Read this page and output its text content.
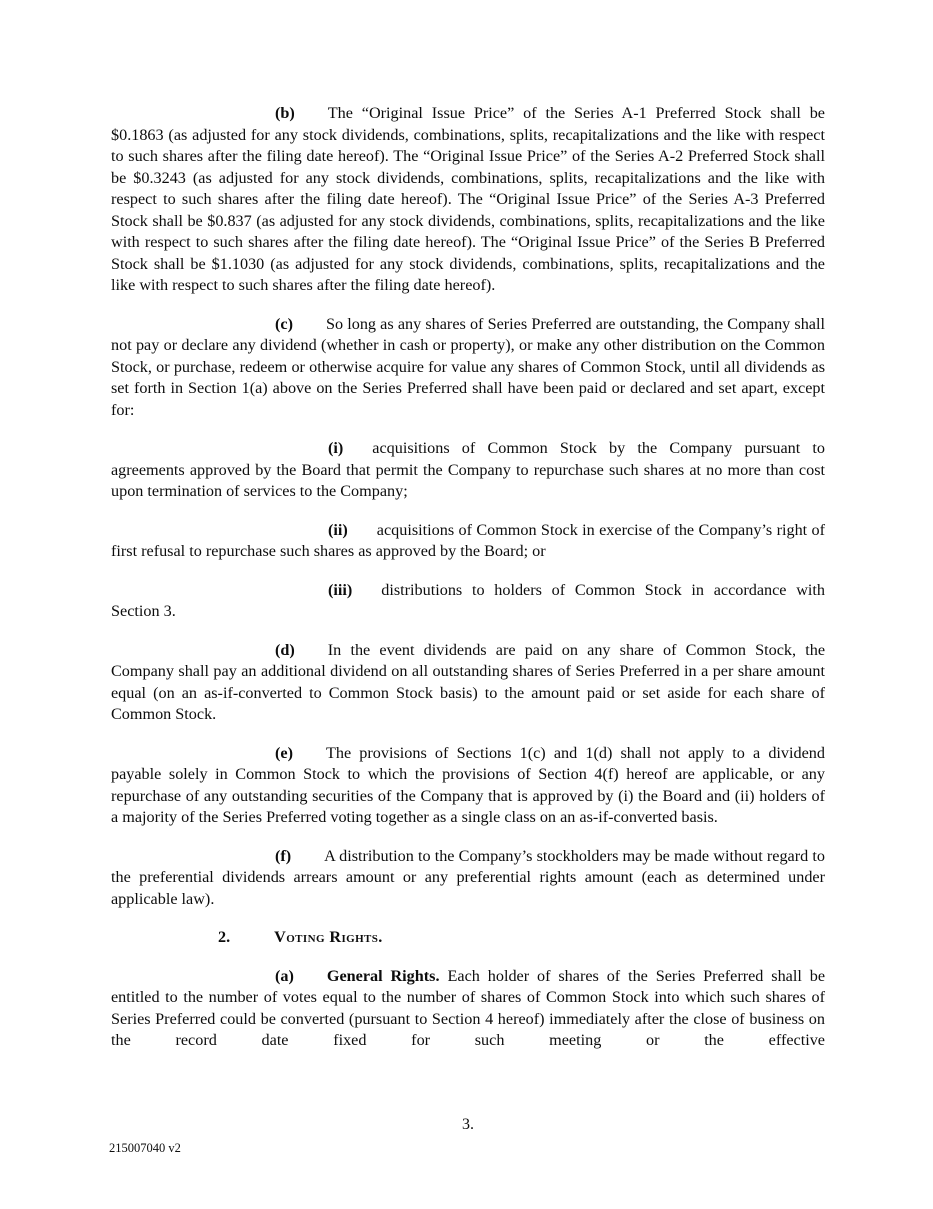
(b) The “Original Issue Price” of the Series A-1 Preferred Stock shall be $0.1863 (as adjusted for any stock dividends, combinations, splits, recapitalizations and the like with respect to such shares after the filing date hereof). The “Original Issue Price” of the Series A-2 Preferred Stock shall be $0.3243 (as adjusted for any stock dividends, combinations, splits, recapitalizations and the like with respect to such shares after the filing date hereof). The “Original Issue Price” of the Series A-3 Preferred Stock shall be $0.837 (as adjusted for any stock dividends, combinations, splits, recapitalizations and the like with respect to such shares after the filing date hereof). The “Original Issue Price” of the Series B Preferred Stock shall be $1.1030 (as adjusted for any stock dividends, combinations, splits, recapitalizations and the like with respect to such shares after the filing date hereof).

(c) So long as any shares of Series Preferred are outstanding, the Company shall not pay or declare any dividend (whether in cash or property), or make any other distribution on the Common Stock, or purchase, redeem or otherwise acquire for value any shares of Common Stock, until all dividends as set forth in Section 1(a) above on the Series Preferred shall have been paid or declared and set apart, except for:

(i) acquisitions of Common Stock by the Company pursuant to agreements approved by the Board that permit the Company to repurchase such shares at no more than cost upon termination of services to the Company;

(ii) acquisitions of Common Stock in exercise of the Company’s right of first refusal to repurchase such shares as approved by the Board; or

(iii) distributions to holders of Common Stock in accordance with Section 3.

(d) In the event dividends are paid on any share of Common Stock, the Company shall pay an additional dividend on all outstanding shares of Series Preferred in a per share amount equal (on an as-if-converted to Common Stock basis) to the amount paid or set aside for each share of Common Stock.

(e) The provisions of Sections 1(c) and 1(d) shall not apply to a dividend payable solely in Common Stock to which the provisions of Section 4(f) hereof are applicable, or any repurchase of any outstanding securities of the Company that is approved by (i) the Board and (ii) holders of a majority of the Series Preferred voting together as a single class on an as-if-converted basis.

(f) A distribution to the Company’s stockholders may be made without regard to the preferential dividends arrears amount or any preferential rights amount (each as determined under applicable law).

2.	Voting Rights.

(a) General Rights. Each holder of shares of the Series Preferred shall be entitled to the number of votes equal to the number of shares of Common Stock into which such shares of Series Preferred could be converted (pursuant to Section 4 hereof) immediately after the close of business on the record date fixed for such meeting or the effective

3.
215007040 v2
